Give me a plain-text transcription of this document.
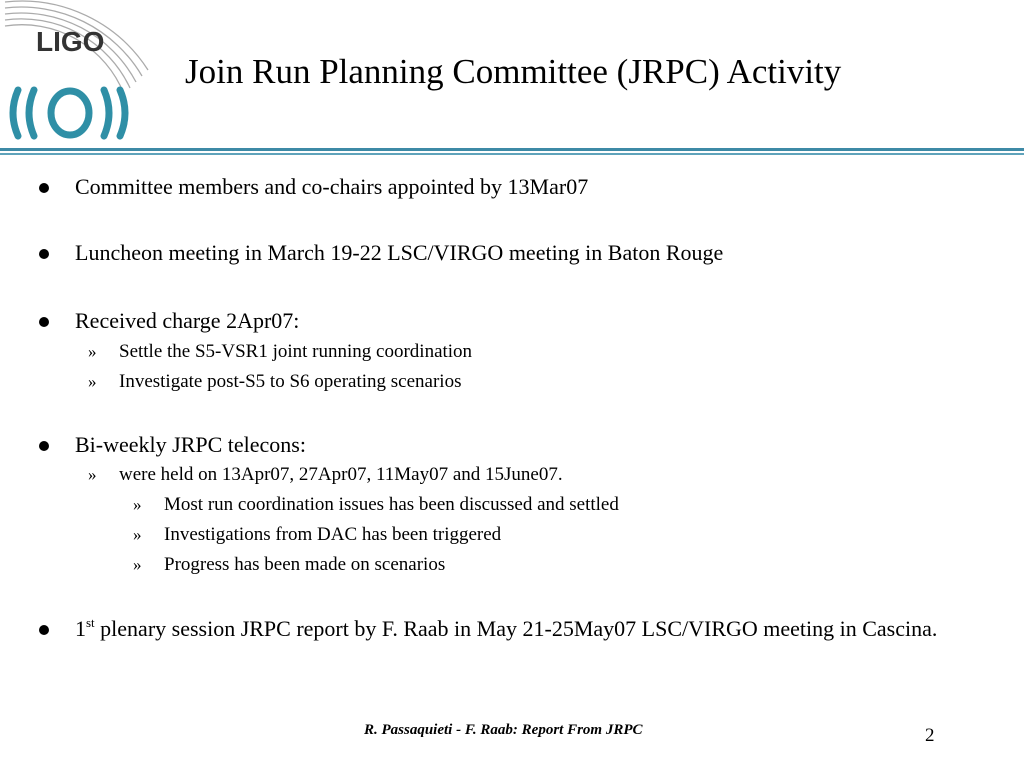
LIGO
Join Run Planning Committee (JRPC) Activity
Committee members and co-chairs appointed by 13Mar07
Luncheon meeting in March 19-22 LSC/VIRGO meeting in Baton Rouge
Received charge 2Apr07:
» Settle the S5-VSR1 joint running coordination
» Investigate post-S5 to S6 operating scenarios
Bi-weekly JRPC telecons:
» were held on 13Apr07, 27Apr07, 11May07 and 15June07.
» Most run coordination issues has been discussed and settled
» Investigations from DAC has been triggered
» Progress has been made on scenarios
1st plenary session JRPC report by F. Raab in May 21-25May07 LSC/VIRGO meeting in Cascina.
R. Passaquieti - F. Raab: Report From JRPC	2
